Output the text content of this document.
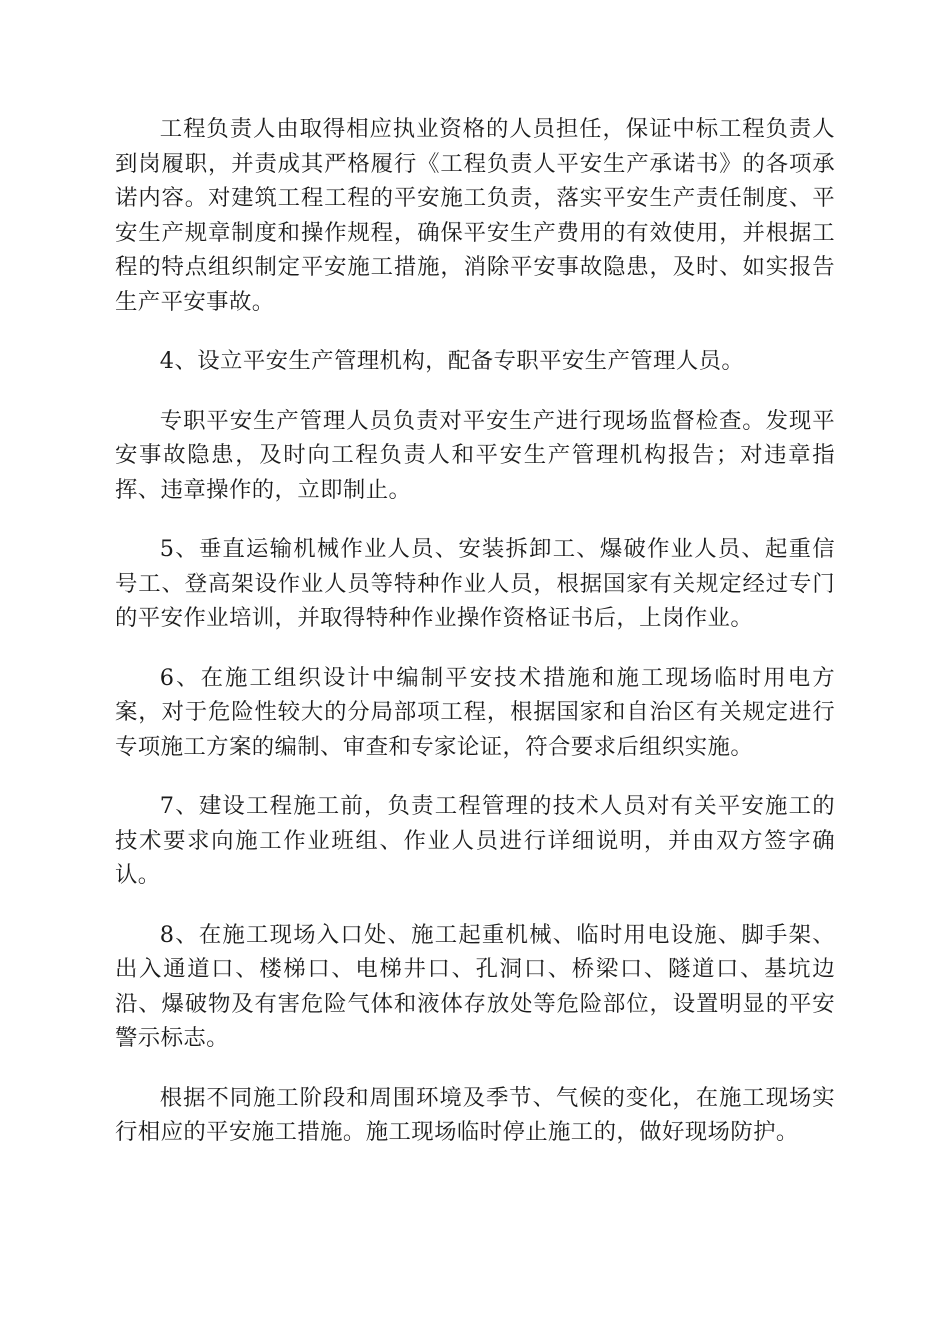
工程负责人由取得相应执业资格的人员担任，保证中标工程负责人到岗履职，并责成其严格履行《工程负责人平安生产承诺书》的各项承诺内容。对建筑工程工程的平安施工负责，落实平安生产责任制度、平安生产规章制度和操作规程，确保平安生产费用的有效使用，并根据工程的特点组织制定平安施工措施，消除平安事故隐患，及时、如实报告生产平安事故。

4、设立平安生产管理机构，配备专职平安生产管理人员。

专职平安生产管理人员负责对平安生产进行现场监督检查。发现平安事故隐患，及时向工程负责人和平安生产管理机构报告；对违章指挥、违章操作的，立即制止。

5、垂直运输机械作业人员、安装拆卸工、爆破作业人员、起重信号工、登高架设作业人员等特种作业人员，根据国家有关规定经过专门的平安作业培训，并取得特种作业操作资格证书后，上岗作业。

6、在施工组织设计中编制平安技术措施和施工现场临时用电方案，对于危险性较大的分局部项工程，根据国家和自治区有关规定进行专项施工方案的编制、审查和专家论证，符合要求后组织实施。

7、建设工程施工前，负责工程管理的技术人员对有关平安施工的技术要求向施工作业班组、作业人员进行详细说明，并由双方签字确认。

8、在施工现场入口处、施工起重机械、临时用电设施、脚手架、出入通道口、楼梯口、电梯井口、孔洞口、桥梁口、隧道口、基坑边沿、爆破物及有害危险气体和液体存放处等危险部位，设置明显的平安警示标志。

根据不同施工阶段和周围环境及季节、气候的变化，在施工现场实行相应的平安施工措施。施工现场临时停止施工的，做好现场防护。
